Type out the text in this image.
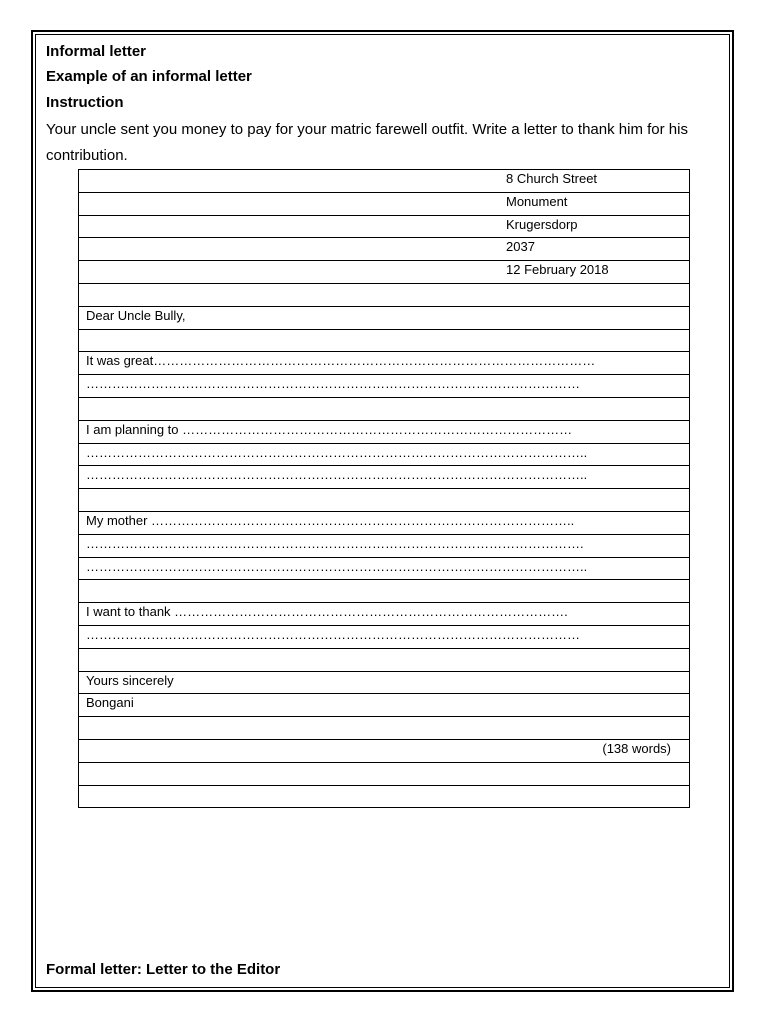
Informal letter
Example of an informal letter
Instruction
Your uncle sent you money to pay for your matric farewell outfit. Write a letter to thank him for his contribution.
8 Church Street
Monument
Krugersdorp
2037
12 February 2018

Dear Uncle Bully,

It was great…………………………………………………………………………………………
……………………………………………………………………………………………………

I am planning to ………………………………………………………………………………
……………………………………………………………………………………………………..
……………………………………………………………………………………………………..

My mother ……………………………………………………………………………………..
…………………………………………………………………………………………………….
……………………………………………………………………………………………………..

I want to thank ……………………………………………………………………………….
……………………………………………………………………………………………………

Yours sincerely
Bongani

(138 words)

Formal letter: Letter to the Editor
